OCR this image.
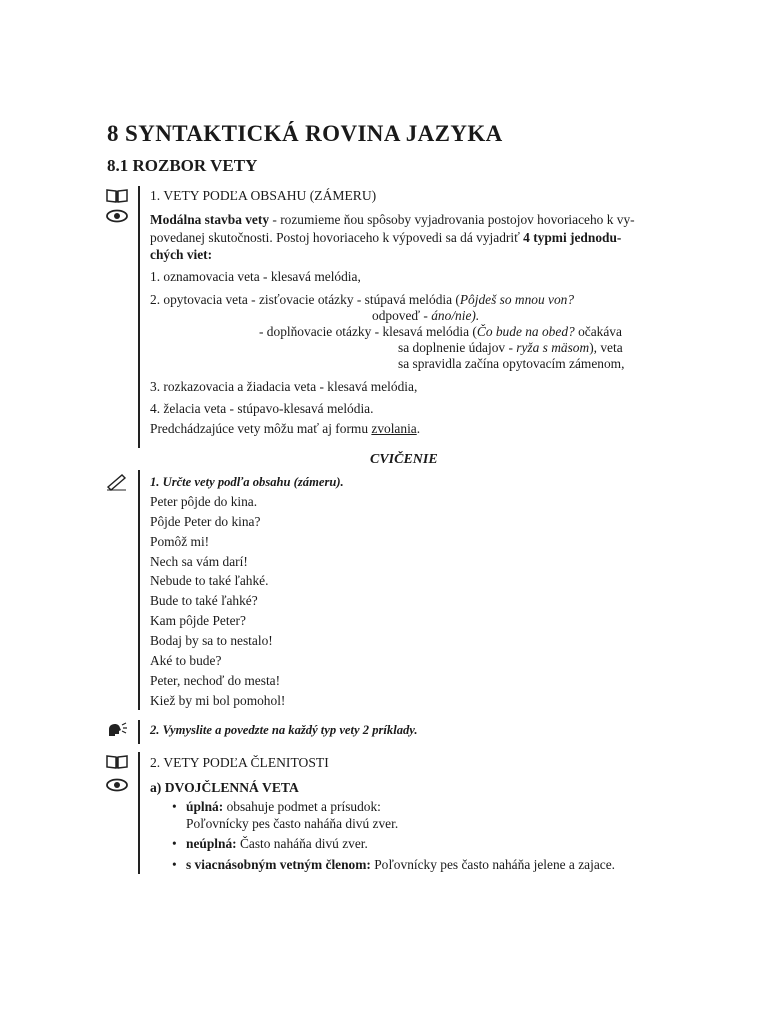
8 SYNTAKTICKÁ ROVINA JAZYKA
8.1 ROZBOR VETY
1. VETY PODĽA OBSAHU (ZÁMERU)
Modálna stavba vety - rozumieme ňou spôsoby vyjadrovania postojov hovoriaceho k vy-
povedanej skutočnosti. Postoj hovoriaceho k výpovedi sa dá vyjadriť 4 typmi jednodu-
chých viet:
1. oznamovacia veta - klesavá melódia,
2. opytovacia veta - zisťovacie otázky - stúpavá melódia (Pôjdeš so mnou von?
odpoveď - áno/nie).
- doplňovacie otázky - klesavá melódia (Čo bude na obed? očakáva
sa doplnenie údajov - ryža s mäsom), veta
sa spravidla začína opytovacím zámenom,
3. rozkazovacia a žiadacia veta - klesavá melódia,
4. želacia veta - stúpavo-klesavá melódia.
Predchádzajúce vety môžu mať aj formu zvolania.
CVIČENIE
1. Určte vety podľa obsahu (zámeru).
Peter pôjde do kina.
Pôjde Peter do kina?
Pomôž mi!
Nech sa vám darí!
Nebude to také ľahké.
Bude to také ľahké?
Kam pôjde Peter?
Bodaj by sa to nestalo!
Aké to bude?
Peter, nechoď do mesta!
Kiež by mi bol pomohol!
2. Vymyslite a povedzte na každý typ vety 2 príklady.
2. VETY PODĽA ČLENITOSTI
a) DVOJČLENNÁ VETA
• úplná: obsahuje podmet a prísudok:
Poľovnícky pes často naháňa divú zver.
• neúplná: Často naháňa divú zver.
• s viacnásobným vetným členom: Poľovnícky pes často naháňa jelene a zajace.
